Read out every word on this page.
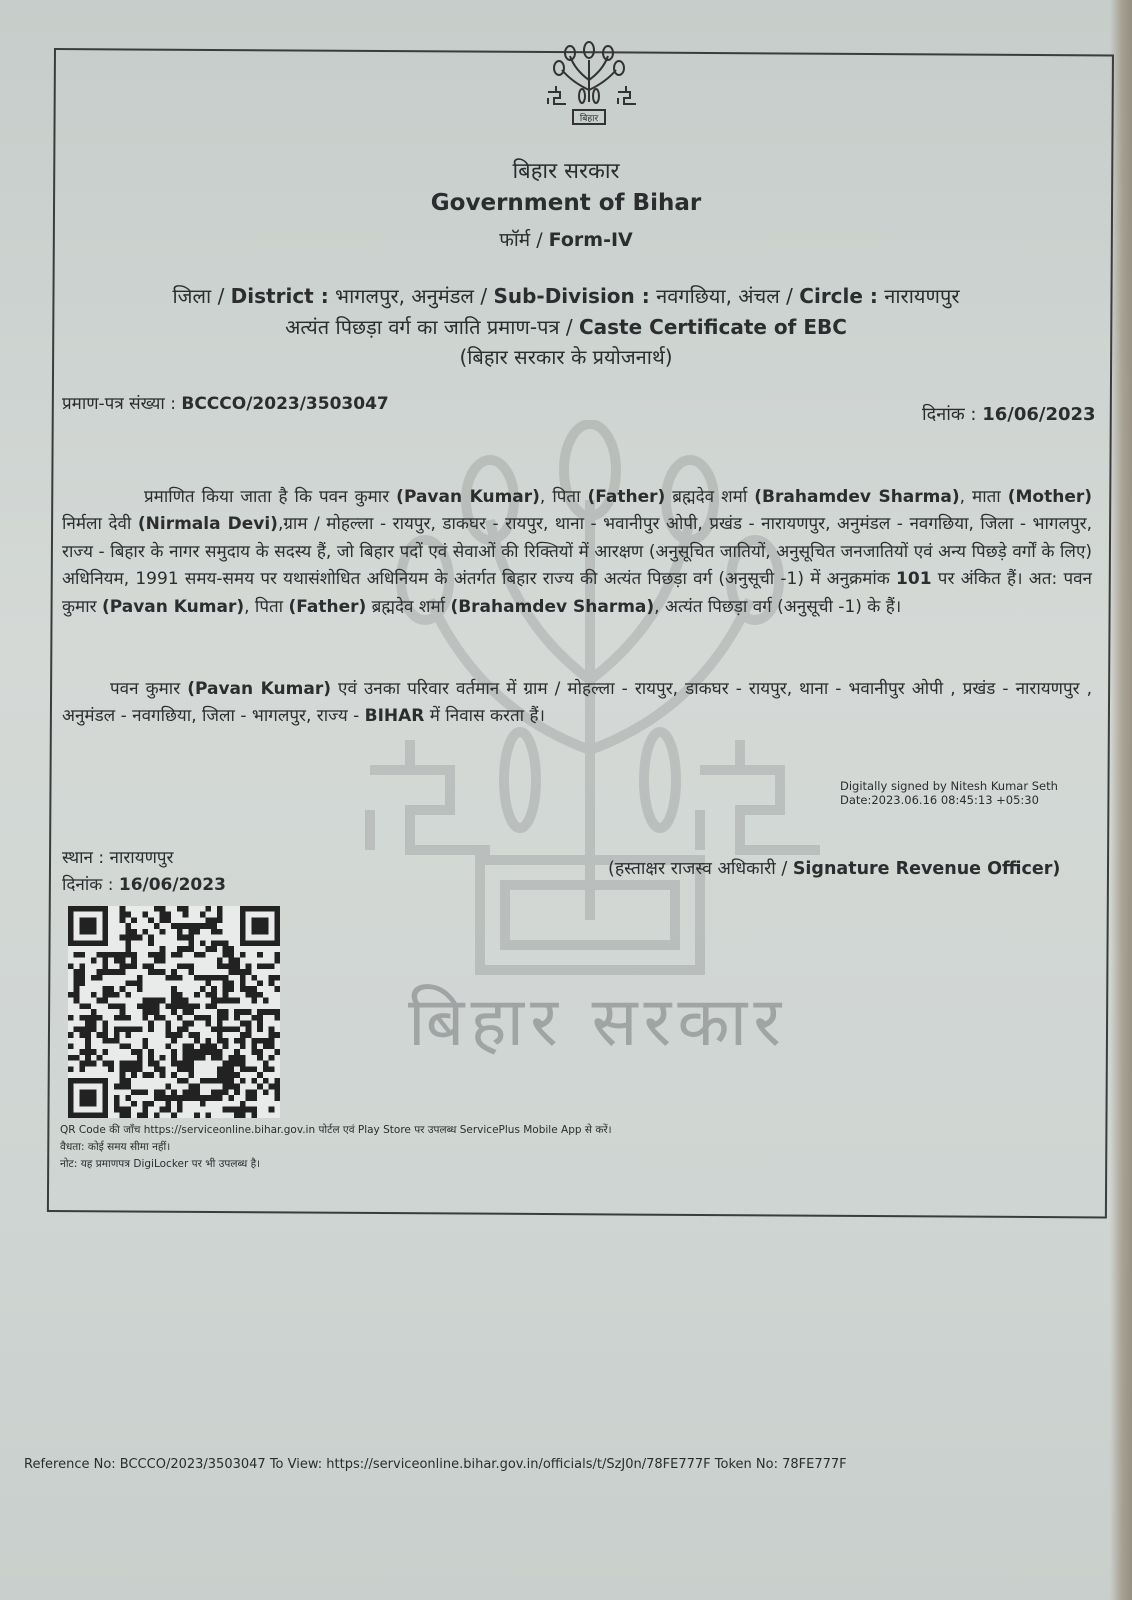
बिहार
बिहार सरकार
बिहार सरकार
Government of Bihar
फॉर्म / Form-IV
जिला / District : भागलपुर, अनुमंडल / Sub-Division : नवगछिया, अंचल / Circle : नारायणपुर
अत्यंत पिछड़ा वर्ग का जाति प्रमाण-पत्र / Caste Certificate of EBC
(बिहार सरकार के प्रयोजनार्थ)
प्रमाण-पत्र संख्या : BCCCO/2023/3503047	दिनांक : 16/06/2023
प्रमाणित किया जाता है कि पवन कुमार (Pavan Kumar), पिता (Father) ब्रह्मदेव शर्मा (Brahamdev Sharma), माता (Mother) निर्मला देवी (Nirmala Devi),ग्राम / मोहल्ला - रायपुर, डाकघर - रायपुर, थाना - भवानीपुर ओपी, प्रखंड - नारायणपुर, अनुमंडल - नवगछिया, जिला - भागलपुर, राज्य - बिहार के नागर समुदाय के सदस्य हैं, जो बिहार पदों एवं सेवाओं की रिक्तियों में आरक्षण (अनुसूचित जातियों, अनुसूचित जनजातियों एवं अन्य पिछड़े वर्गों के लिए) अधिनियम, 1991 समय-समय पर यथासंशोधित अधिनियम के अंतर्गत बिहार राज्य की अत्यंत पिछड़ा वर्ग (अनुसूची -1) में अनुक्रमांक 101 पर अंकित हैं। अत: पवन कुमार (Pavan Kumar), पिता (Father) ब्रह्मदेव शर्मा (Brahamdev Sharma), अत्यंत पिछड़ा वर्ग (अनुसूची -1) के हैं।
पवन कुमार (Pavan Kumar) एवं उनका परिवार वर्तमान में ग्राम / मोहल्ला - रायपुर, डाकघर - रायपुर, थाना - भवानीपुर ओपी , प्रखंड - नारायणपुर , अनुमंडल - नवगछिया, जिला - भागलपुर, राज्य - BIHAR में निवास करता हैं।
Digitally signed by Nitesh Kumar Seth
Date:2023.06.16 08:45:13 +05:30
स्थान : नारायणपुर
दिनांक : 16/06/2023
(हस्ताक्षर राजस्व अधिकारी / Signature Revenue Officer)
QR Code की जाँच https://serviceonline.bihar.gov.in पोर्टल एवं Play Store पर उपलब्ध ServicePlus Mobile App से करें।
वैधता: कोई समय सीमा नहीं।
नोट: यह प्रमाणपत्र DigiLocker पर भी उपलब्ध है।
Reference No: BCCCO/2023/3503047 To View: https://serviceonline.bihar.gov.in/officials/t/SzJ0n/78FE777F Token No: 78FE777F
